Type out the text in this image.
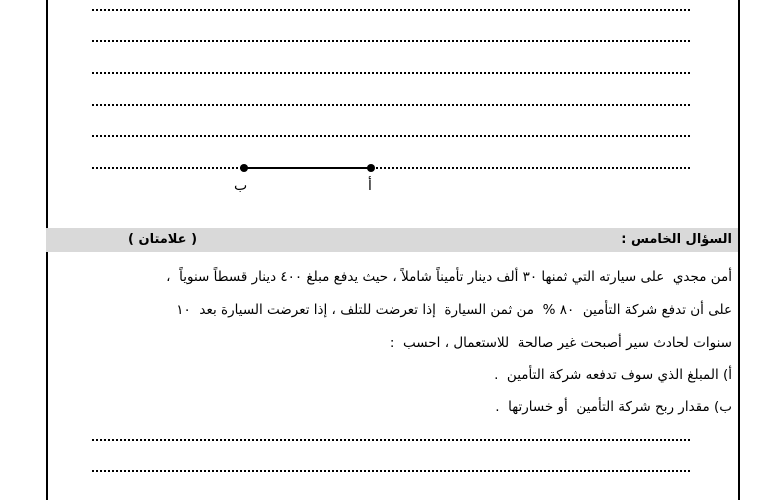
ب	أ
السؤال الخامس :
( علامتان )
أمن مجدي  على سيارته التي ثمنها ٣٠ ألف دينار تأميناً شاملاً ، حيث يدفع مبلغ ٤٠٠ دينار قسطاً سنوياً  ،
على أن تدفع شركة التأمين  ٨٠ %  من ثمن السيارة  إذا تعرضت للتلف ، إذا تعرضت السيارة بعد  ١٠
سنوات لحادث سير أصبحت غير صالحة  للاستعمال ، احسب  :
أ) المبلغ الذي سوف تدفعه شركة التأمين  .
ب) مقدار ربح شركة التأمين  أو خسارتها  .
